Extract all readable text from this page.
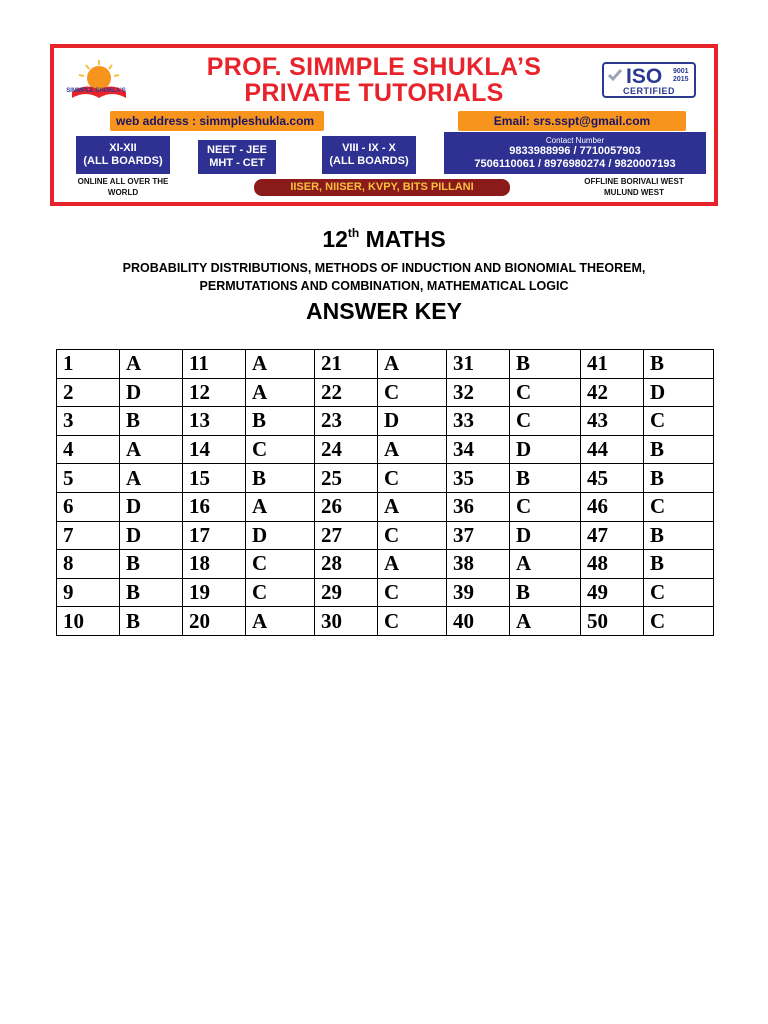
SIMMPLE SHUKLA'S
PROF. SIMMPLE SHUKLA’S
PRIVATE TUTORIALS
ISO 9001
2015
CERTIFIED
web address : simmpleshukla.com	Email: srs.sspt@gmail.com
XI-XII
(ALL BOARDS)
NEET - JEE
MHT - CET
VIII - IX - X
(ALL BOARDS)
Contact Number
9833988996 / 7710057903
7506110061 / 8976980274 / 9820007193
ONLINE ALL OVER THE
WORLD	IISER, NIISER, KVPY, BITS PILLANI	OFFLINE BORIVALI WEST
MULUND WEST
12th MATHS
PROBABILITY DISTRIBUTIONS, METHODS OF INDUCTION AND BIONOMIAL THEOREM,
PERMUTATIONS AND COMBINATION, MATHEMATICAL LOGIC
ANSWER KEY
1	A	11	A	21	A	31	B	41	B
2	D	12	A	22	C	32	C	42	D
3	B	13	B	23	D	33	C	43	C
4	A	14	C	24	A	34	D	44	B
5	A	15	B	25	C	35	B	45	B
6	D	16	A	26	A	36	C	46	C
7	D	17	D	27	C	37	D	47	B
8	B	18	C	28	A	38	A	48	B
9	B	19	C	29	C	39	B	49	C
10	B	20	A	30	C	40	A	50	C
